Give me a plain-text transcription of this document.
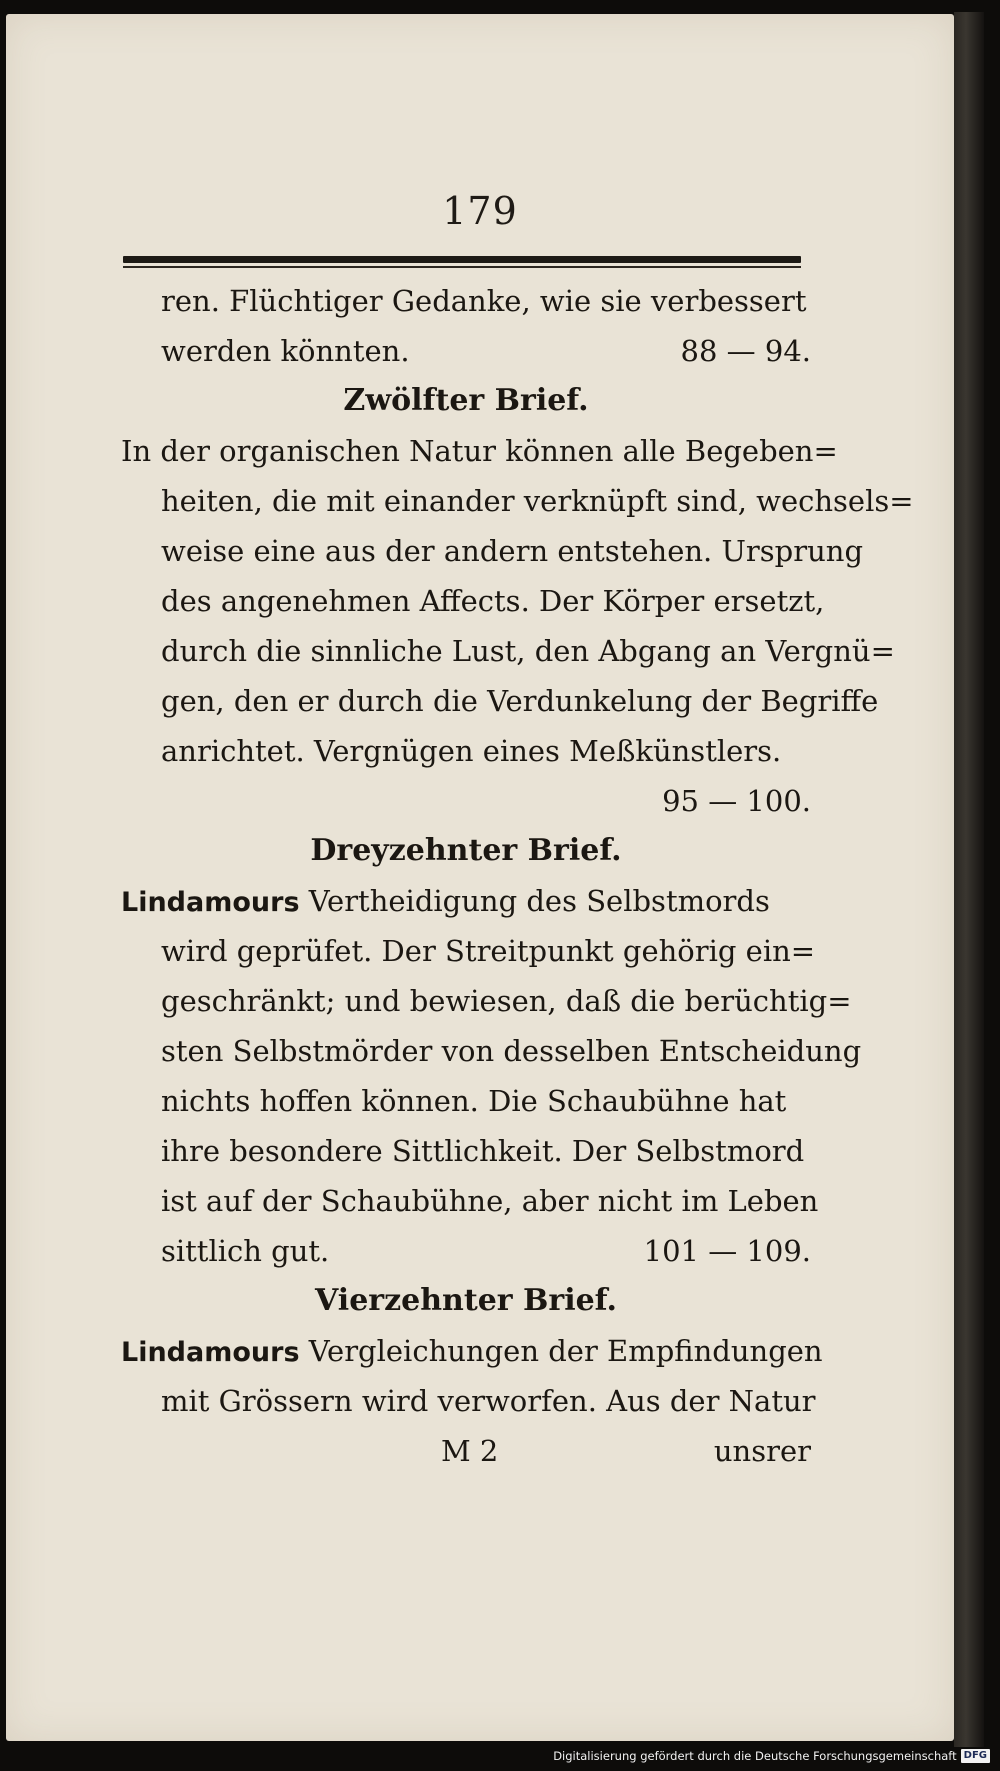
179
ren. Flüchtiger Gedanke, wie sie verbessert
werden könnten.	88 — 94.
Zwölfter Brief.
In der organischen Natur können alle Begeben=
heiten, die mit einander verknüpft sind, wechsels=
weise eine aus der andern entstehen. Ursprung
des angenehmen Affects. Der Körper ersetzt,
durch die sinnliche Lust, den Abgang an Vergnü=
gen, den er durch die Verdunkelung der Begriffe
anrichtet. Vergnügen eines Meßkünstlers.
95 — 100.
Dreyzehnter Brief.
Lindamours Vertheidigung des Selbstmords
wird geprüfet. Der Streitpunkt gehörig ein=
geschränkt; und bewiesen, daß die berüchtig=
sten Selbstmörder von desselben Entscheidung
nichts hoffen können. Die Schaubühne hat
ihre besondere Sittlichkeit. Der Selbstmord
ist auf der Schaubühne, aber nicht im Leben
sittlich gut.	101 — 109.
Vierzehnter Brief.
Lindamours Vergleichungen der Empfindungen
mit Grössern wird verworfen. Aus der Natur
M 2	unsrer
Digitalisierung gefördert durch die Deutsche Forschungsgemeinschaft DFG
